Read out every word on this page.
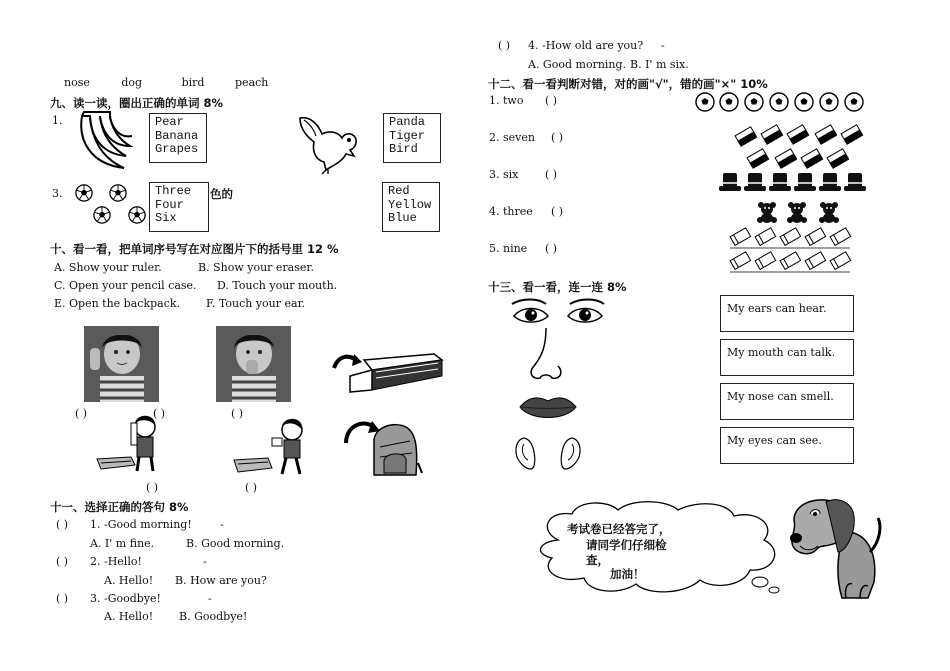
nose	dog	bird	peach
九、读一读，圈出正确的单词 8%
1.	Pear
Banana
Grapes
Panda
Tiger
Bird
3.	Three
Four
Six
色的	Red
Yellow
Blue
十、看一看，把单词序号写在对应图片下的括号里 12 %
A. Show your ruler.	B. Show your eraser.
C. Open your pencil case. D. Touch your mouth.
E. Open the backpack. F. Touch your ear.
( )	( )	( )
( )	( )
十一、选择正确的答句 8%
( ) 1. -Good morning!	-
A. I' m fine.	B. Good morning.
( ) 2. -Hello!	-
A. Hello! B. How are you?
( ) 3. -Goodbye!	-
A. Hello! B. Goodbye!
( ) 4. -How old are you? -
A. Good morning. B. I' m six.
十二、看一看判断对错，对的画"√"，错的画"×" 10%
1. two ( )
2. seven ( )
3. six ( )
4. three ( )
5. nine ( )
十三、看一看，连一连 8%
My ears can hear.
My mouth can talk.
My nose can smell.
My eyes can see.
考试卷已经答完了，
请同学们仔细检
查，
加油！
